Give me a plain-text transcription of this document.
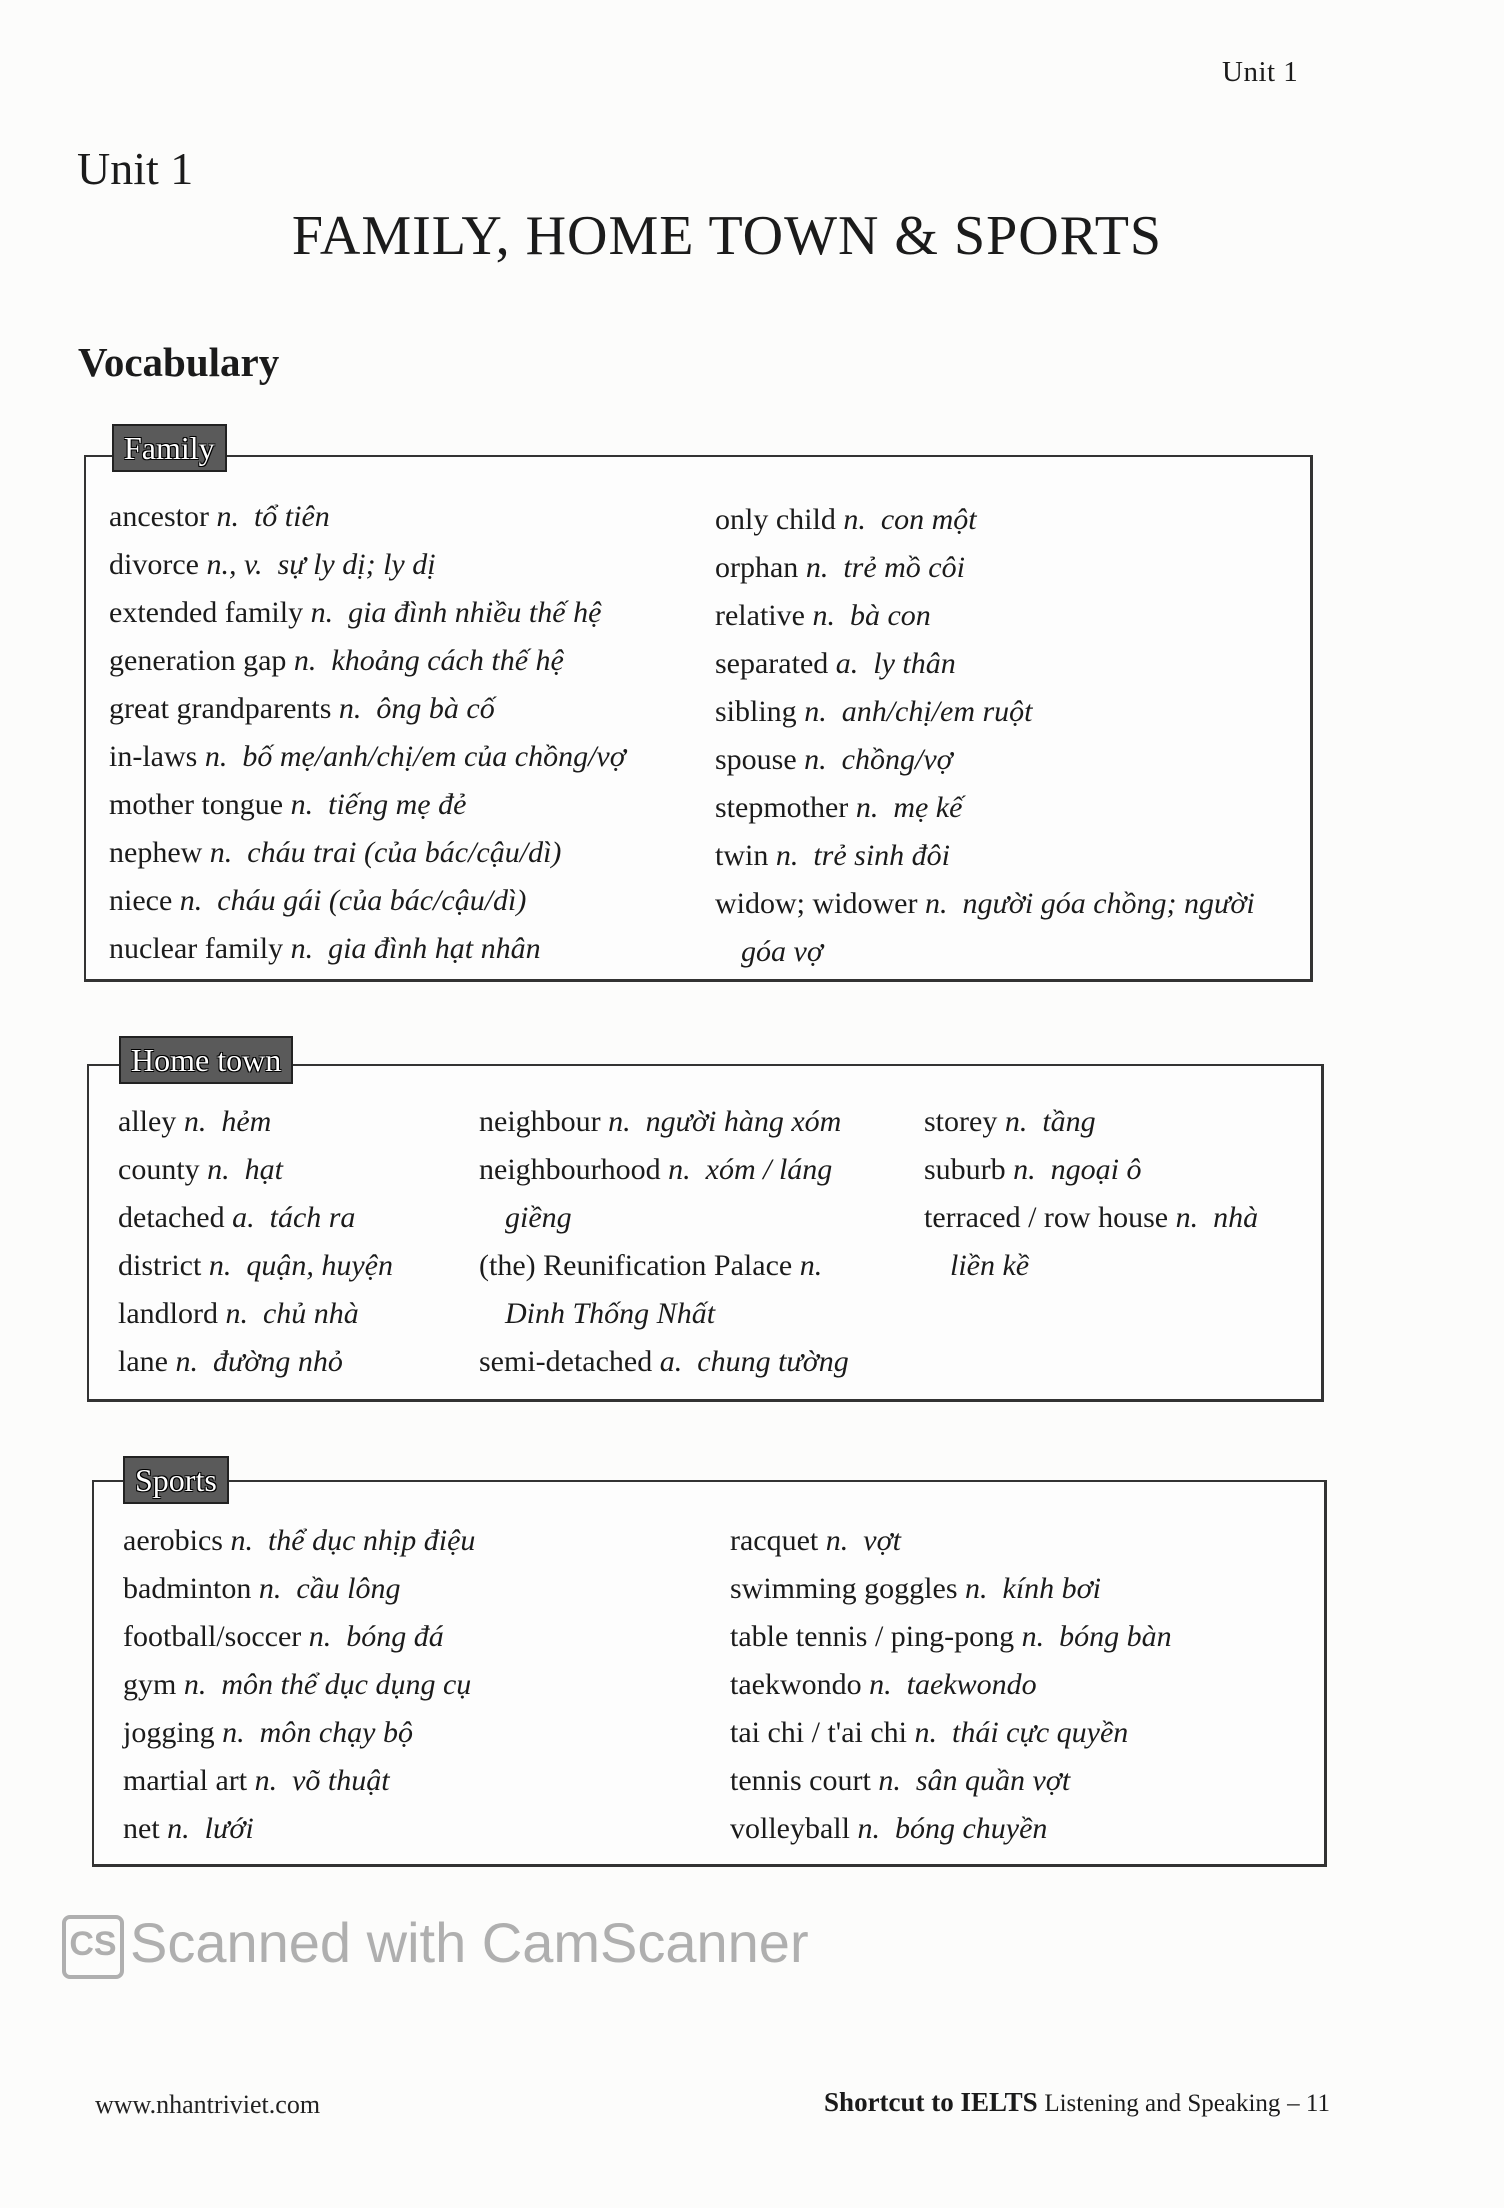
Unit 1
Unit 1
FAMILY, HOME TOWN & SPORTS
Vocabulary
Family
ancestor n.  tổ tiên
divorce n., v.  sự ly dị; ly dị
extended family n.  gia đình nhiều thế hệ
generation gap n.  khoảng cách thế hệ
great grandparents n.  ông bà cố
in-laws n.  bố mẹ/anh/chị/em của chồng/vợ
mother tongue n.  tiếng mẹ đẻ
nephew n.  cháu trai (của bác/cậu/dì)
niece n.  cháu gái (của bác/cậu/dì)
nuclear family n.  gia đình hạt nhân
only child n.  con một
orphan n.  trẻ mồ côi
relative n.  bà con
separated a.  ly thân
sibling n.  anh/chị/em ruột
spouse n.  chồng/vợ
stepmother n.  mẹ kế
twin n.  trẻ sinh đôi
widow; widower n.  người góa chồng; người
góa vợ
Home town
alley n.  hẻm
county n.  hạt
detached a.  tách ra
district n.  quận, huyện
landlord n.  chủ nhà
lane n.  đường nhỏ
neighbour n.  người hàng xóm
neighbourhood n.  xóm / láng
giềng
(the) Reunification Palace n. 
Dinh Thống Nhất
semi-detached a.  chung tường
storey n.  tầng
suburb n.  ngoại ô
terraced / row house n.  nhà
liền kề
Sports
aerobics n.  thể dục nhịp điệu
badminton n.  cầu lông
football/soccer n.  bóng đá
gym n.  môn thể dục dụng cụ
jogging n.  môn chạy bộ
martial art n.  võ thuật
net n.  lưới
racquet n.  vợt
swimming goggles n.  kính bơi
table tennis / ping-pong n.  bóng bàn
taekwondo n.  taekwondo
tai chi / t'ai chi n.  thái cực quyền
tennis court n.  sân quần vợt
volleyball n.  bóng chuyền
CS Scanned with CamScanner
www.nhantriviet.com	Shortcut to IELTS Listening and Speaking – 11
